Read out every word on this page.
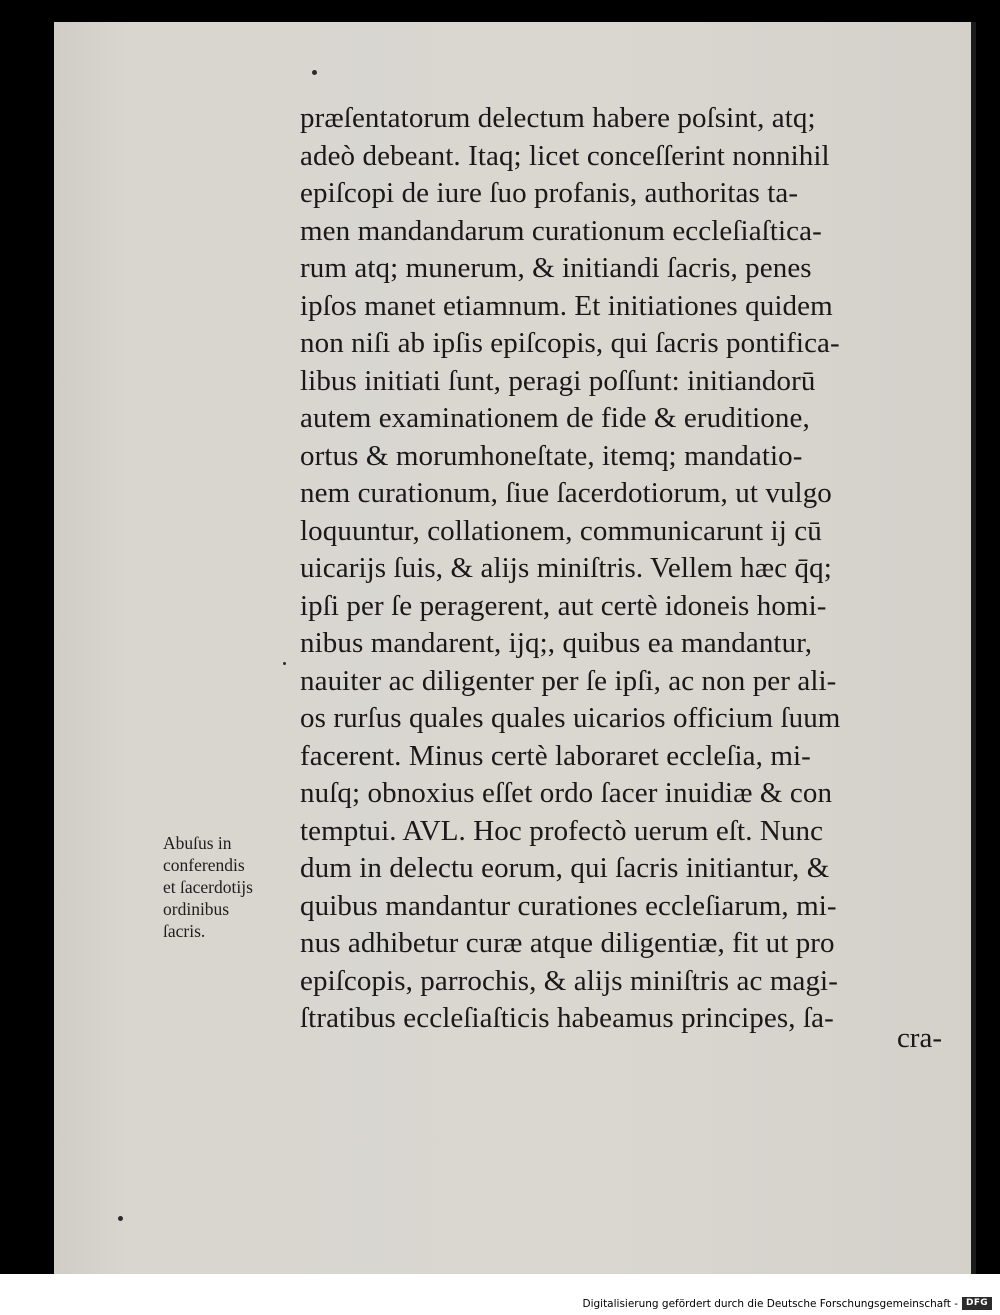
præſentatorum delectum habere poſsint, atq;
adeò debeant. Itaq; licet conceſſerint nonnihil
epiſcopi de iure ſuo profanis, authoritas ta-
men mandandarum curationum eccleſiaſtica-
rum atq; munerum, & initiandi ſacris, penes
ipſos manet etiamnum. Et initiationes quidem
non niſi ab ipſis epiſcopis, qui ſacris pontifica-
libus initiati ſunt, peragi poſſunt: initiandorū
autem examinationem de fide & eruditione,
ortus & morumhoneſtate, itemq; mandatio-
nem curationum, ſiue ſacerdotiorum, ut vulgo
loquuntur, collationem, communicarunt ij cū
uicarijs ſuis, & alijs miniſtris. Vellem hæc q̄q;
ipſi per ſe peragerent, aut certè idoneis homi-
nibus mandarent, ijq;, quibus ea mandantur,
nauiter ac diligenter per ſe ipſi, ac non per ali-
os rurſus quales quales uicarios officium ſuum
facerent. Minus certè laboraret eccleſia, mi-
nuſq; obnoxius eſſet ordo ſacer inuidiæ & con
temptui. AVL. Hoc profectò uerum eſt. Nunc
dum in delectu eorum, qui ſacris initiantur, &
quibus mandantur curationes eccleſiarum, mi-
nus adhibetur curæ atque diligentiæ, fit ut pro
epiſcopis, parrochis, & alijs miniſtris ac magi-
ſtratibus eccleſiaſticis habeamus principes, ſa-
Abuſus in
conferendis
et ſacerdotijs
ordinibus
ſacris.
cra-
Digitalisierung gefördert durch die Deutsche Forschungsgemeinschaft - DFG
